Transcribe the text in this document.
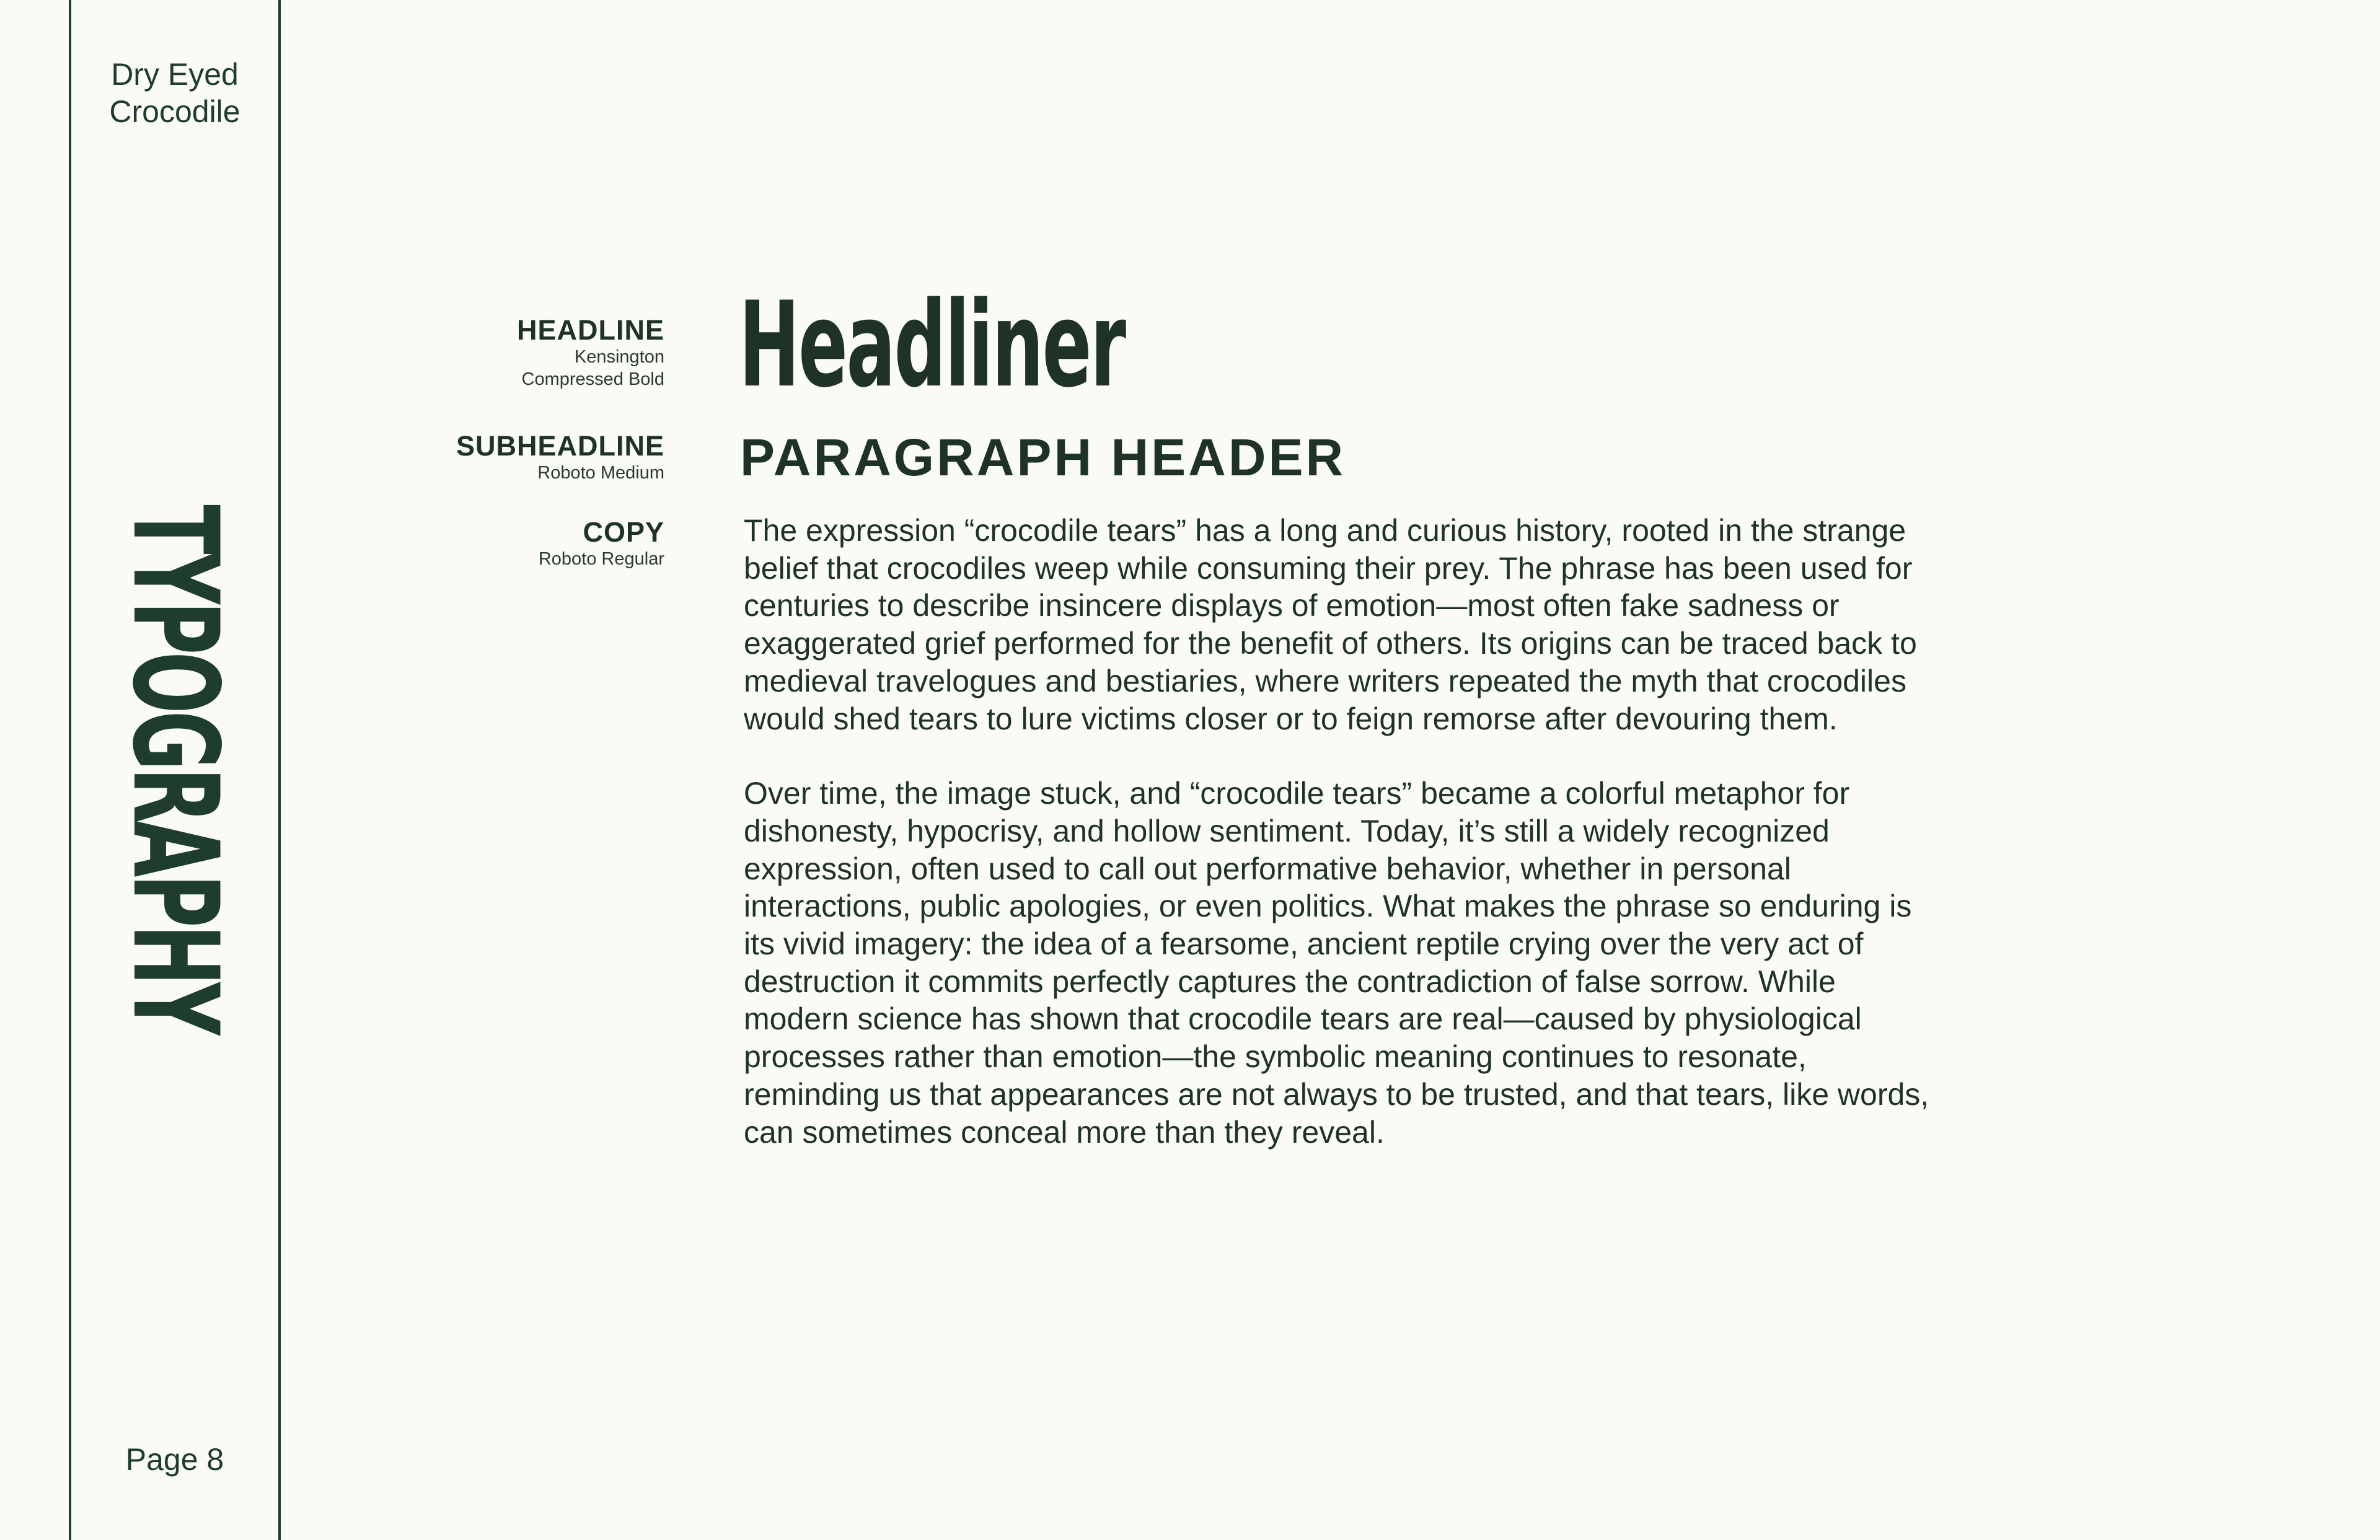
Dry Eyed
Crocodile
TYPOGRAPHY
Page 8
HEADLINE
Kensington
Compressed Bold
SUBHEADLINE
Roboto Medium
COPY
Roboto Regular
Headliner
PARAGRAPH HEADER

The expression “crocodile tears” has a long and curious history, rooted in the strange belief that crocodiles weep while consuming their prey. The phrase has been used for centuries to describe insincere displays of emotion—most often fake sadness or exaggerated grief performed for the benefit of others. Its origins can be traced back to medieval travelogues and bestiaries, where writers repeated the myth that crocodiles would shed tears to lure victims closer or to feign remorse after devouring them.

Over time, the image stuck, and “crocodile tears” became a colorful metaphor for dishonesty, hypocrisy, and hollow sentiment. Today, it’s still a widely recognized expression, often used to call out performative behavior, whether in personal interactions, public apologies, or even politics. What makes the phrase so enduring is its vivid imagery: the idea of a fearsome, ancient reptile crying over the very act of destruction it commits perfectly captures the contradiction of false sorrow. While modern science has shown that crocodile tears are real—caused by physiological processes rather than emotion—the symbolic meaning continues to resonate, reminding us that appearances are not always to be trusted, and that tears, like words, can sometimes conceal more than they reveal.
